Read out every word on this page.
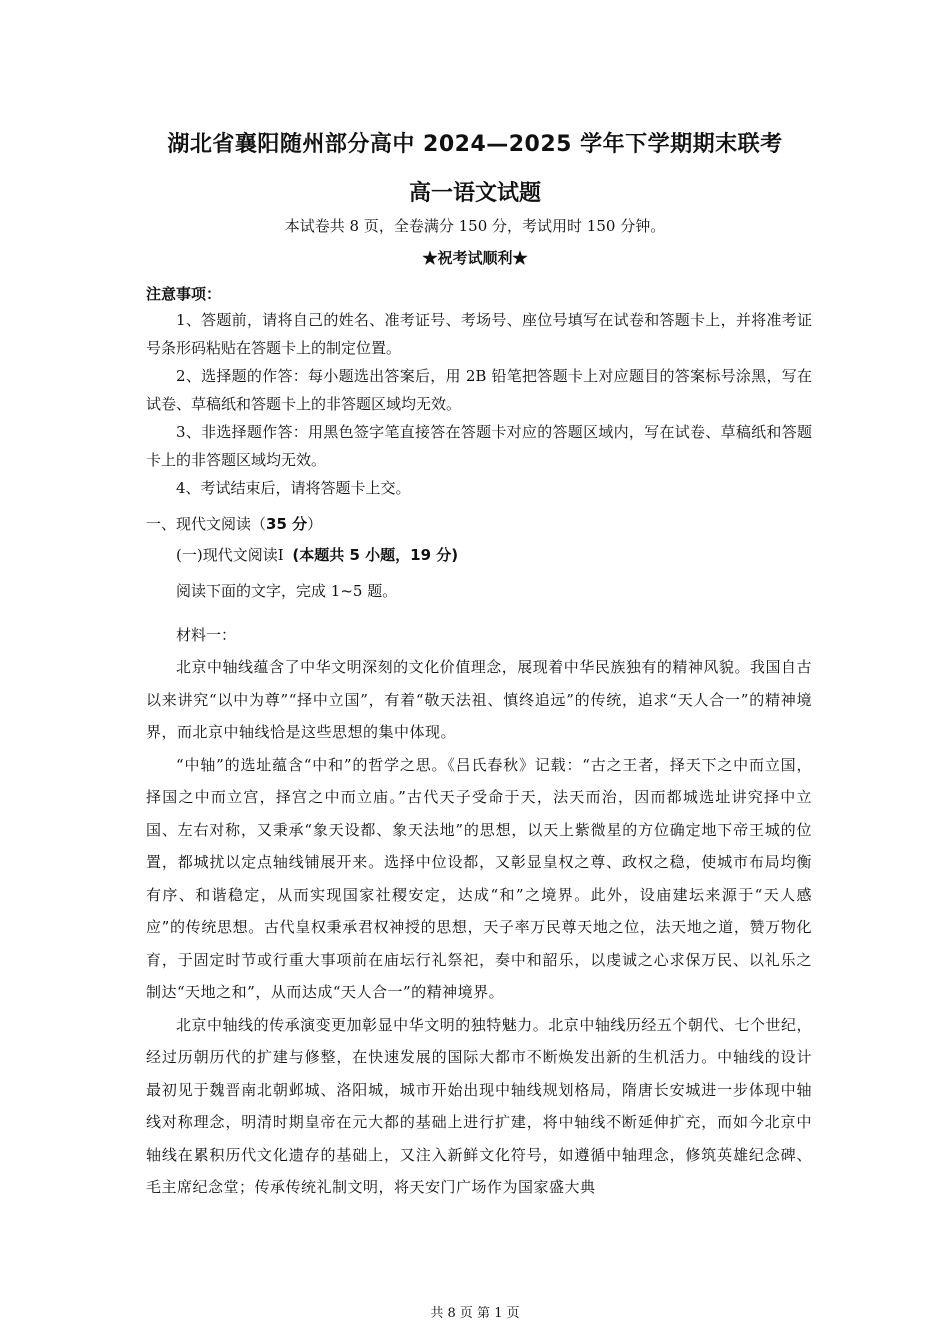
湖北省襄阳随州部分高中 2024—2025 学年下学期期末联考
高一语文试题
本试卷共 8 页，全卷满分 150 分，考试用时 150 分钟。
★祝考试顺利★
注意事项：

1、答题前，请将自己的姓名、准考证号、考场号、座位号填写在试卷和答题卡上，并将准考证号条形码粘贴在答题卡上的制定位置。

2、选择题的作答：每小题选出答案后，用 2B 铅笔把答题卡上对应题目的答案标号涂黑，写在试卷、草稿纸和答题卡上的非答题区域均无效。

3、非选择题作答：用黑色签字笔直接答在答题卡对应的答题区域内，写在试卷、草稿纸和答题卡上的非答题区域均无效。

4、考试结束后，请将答题卡上交。

一、现代文阅读（35 分）
(一)现代文阅读Ⅰ (本题共 5 小题，19 分)
阅读下面的文字，完成 1~5 题。
材料一：

北京中轴线蕴含了中华文明深刻的文化价值理念，展现着中华民族独有的精神风貌。我国自古以来讲究“以中为尊”“择中立国”，有着“敬天法祖、慎终追远”的传统，追求“天人合一”的精神境界，而北京中轴线恰是这些思想的集中体现。

“中轴”的选址蕴含“中和”的哲学之思。《吕氏春秋》记载：“古之王者，择天下之中而立国，择国之中而立宫，择宫之中而立庙。”古代天子受命于天，法天而治，因而都城选址讲究择中立国、左右对称，又秉承“象天设都、象天法地”的思想，以天上紫微星的方位确定地下帝王城的位置，都城扰以定点轴线铺展开来。选择中位设都，又彰显皇权之尊、政权之稳，使城市布局均衡有序、和谐稳定，从而实现国家社稷安定，达成“和”之境界。此外，设庙建坛来源于“天人感应”的传统思想。古代皇权秉承君权神授的思想，天子率万民尊天地之位，法天地之道，赞万物化育，于固定时节或行重大事项前在庙坛行礼祭祀，奏中和韶乐，以虔诚之心求保万民、以礼乐之制达“天地之和”，从而达成“天人合一”的精神境界。

北京中轴线的传承演变更加彰显中华文明的独特魅力。北京中轴线历经五个朝代、七个世纪，经过历朝历代的扩建与修整，在快速发展的国际大都市不断焕发出新的生机活力。中轴线的设计最初见于魏晋南北朝邺城、洛阳城，城市开始出现中轴线规划格局，隋唐长安城进一步体现中轴线对称理念，明清时期皇帝在元大都的基础上进行扩建，将中轴线不断延伸扩充，而如今北京中轴线在累积历代文化遗存的基础上，又注入新鲜文化符号，如遵循中轴理念，修筑英雄纪念碑、毛主席纪念堂；传承传统礼制文明，将天安门广场作为国家盛大典

共 8 页 第 1 页
